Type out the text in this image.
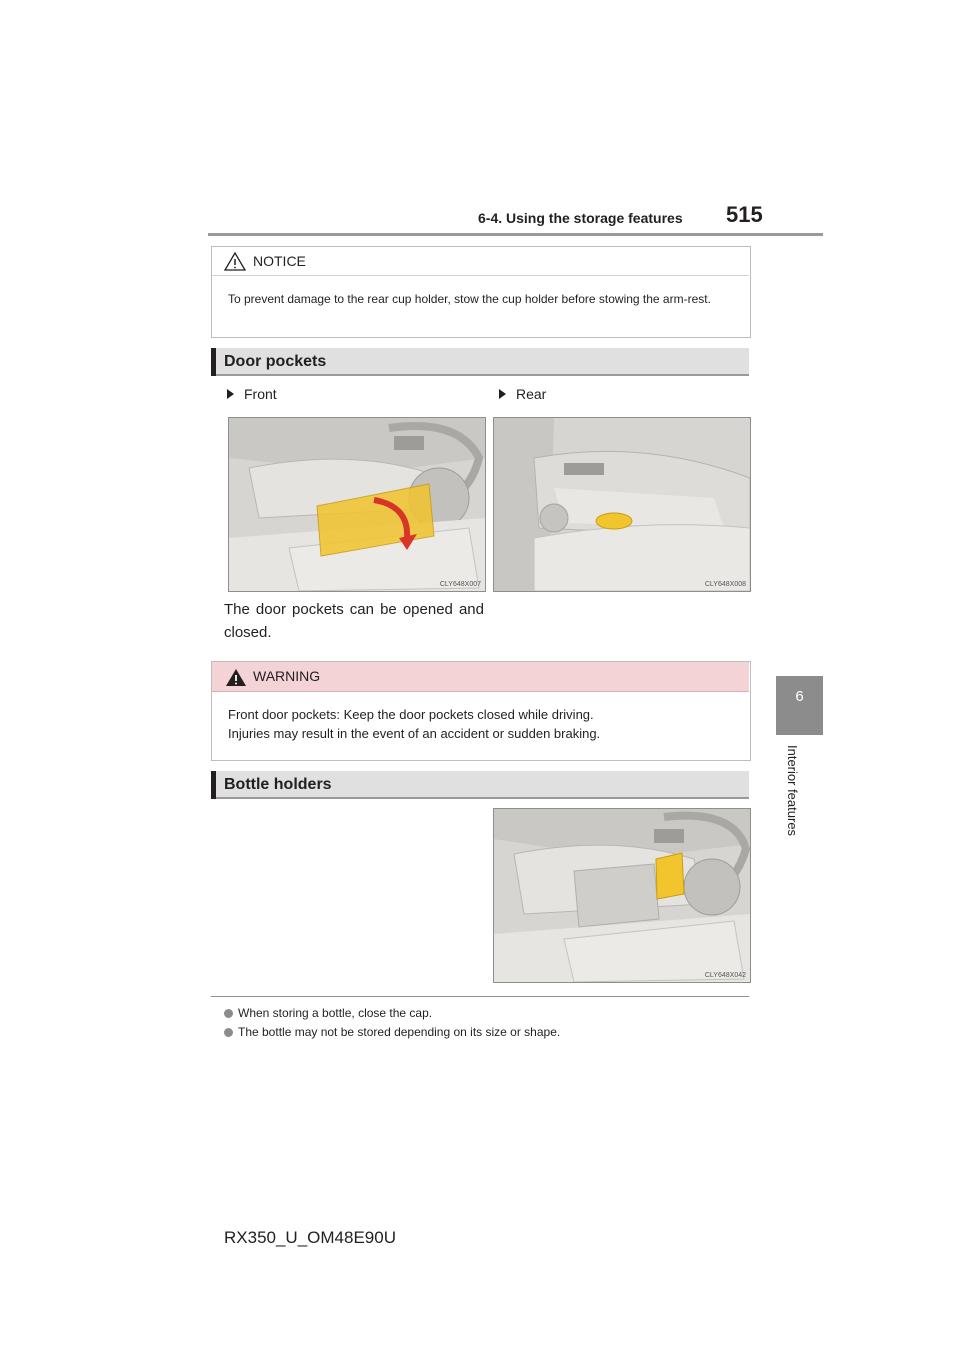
6-4. Using the storage features 515
6
Interior features
NOTICE
To prevent damage to the rear cup holder, stow the cup holder before stowing the arm-rest.
Door pockets
Front	Rear
CLY648X007	CLY648X008
The door pockets can be opened and closed.
WARNING
Front door pockets: Keep the door pockets closed while driving.
Injuries may result in the event of an accident or sudden braking.
Bottle holders
CLY648X042
When storing a bottle, close the cap.
The bottle may not be stored depending on its size or shape.
RX350_U_OM48E90U
